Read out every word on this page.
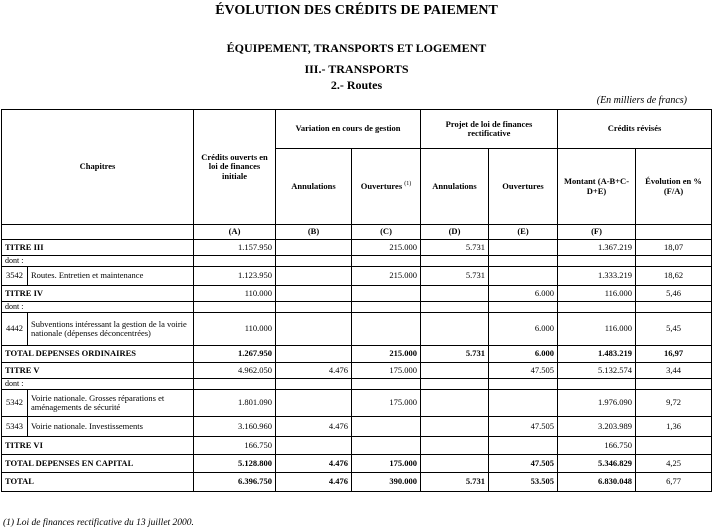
ÉVOLUTION DES CRÉDITS DE PAIEMENT
ÉQUIPEMENT, TRANSPORTS ET LOGEMENT
III.- TRANSPORTS
2.- Routes
(En milliers de francs)
Chapitres		Crédits ouverts en loi de finances initiale	Variation en cours de gestion		Projet de loi de finances rectificative		Crédits révisés	
			Annulations	Ouvertures $^{(1)}$	Annulations	Ouvertures	Montant (A-B+C-D+E)	Évolution en % (F/A)
		(A)	(B)	(C)	(D)	(E)	(F)	
TITRE III		1.157.950		215.000	5.731		1.367.219	18,07
dont :								
3542	Routes. Entretien et maintenance	1.123.950		215.000	5.731		1.333.219	18,62
TITRE IV		110.000				6.000	116.000	5,46
dont :								
4442	Subventions intéressant la gestion de la voirie nationale (dépenses déconcentrées)	110.000				6.000	116.000	5,45
TOTAL DEPENSES ORDINAIRES		1.267.950		215.000	5.731	6.000	1.483.219	16,97
TITRE V		4.962.050	4.476	175.000		47.505	5.132.574	3,44
dont :								
5342	Voirie nationale. Grosses réparations et aménagements de sécurité	1.801.090		175.000			1.976.090	9,72
5343	Voirie nationale. Investissements	3.160.960	4.476			47.505	3.203.989	1,36
TITRE VI		166.750					166.750	
TOTAL DEPENSES EN CAPITAL		5.128.800	4.476	175.000		47.505	5.346.829	4,25
TOTAL		6.396.750	4.476	390.000	5.731	53.505	6.830.048	6,77
(1) Loi de finances rectificative du 13 juillet 2000.
